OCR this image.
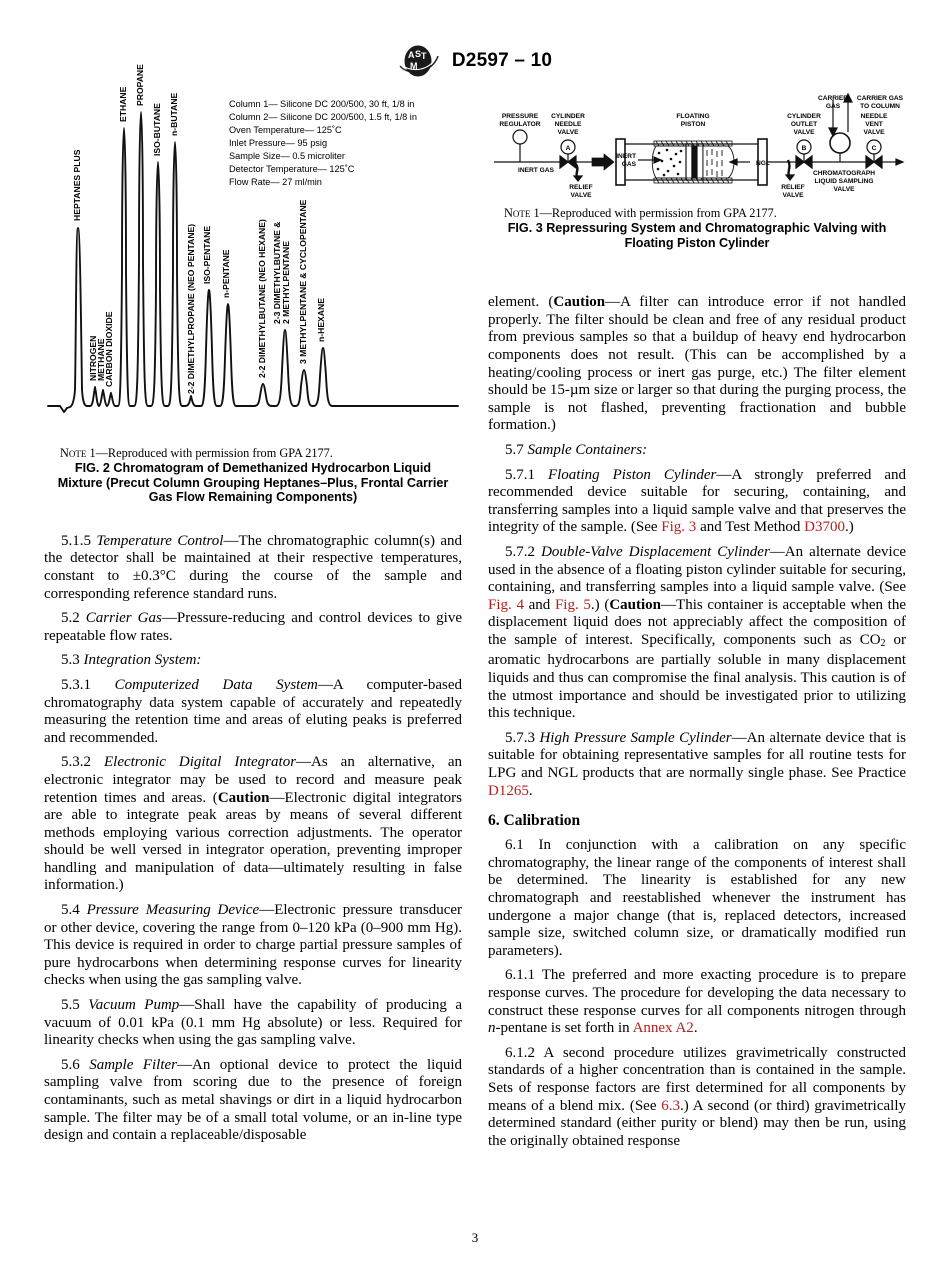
A S T
M D2597 – 10
Column 1— Silicone DC 200/500, 30 ft, 1/8 in
Column 2— Silicone DC 200/500, 1.5 ft, 1/8 in
Oven Temperature— 125˚C
Inlet Pressure— 95 psig
Sample Size— 0.5 microliter
Detector Temperature— 125˚C
Flow Rate— 27 ml/min
HEPTANES PLUS
NITROGEN
METHANE
CARBON DIOXIDE
ETHANE PROPANE
ISO-BUTANE n-BUTANE
2-2 DIMETHYLPROPANE (NEO PENTANE) ISO-PENTANE n-PENTANE	2-2 DIMETHYLBUTANE (NEO HEXANE) 2-3 DIMETHYLBUTANE & 2 METHYLPENTANE 3 METHYLPENTANE & CYCLOPENTANE n-HEXANE

Note 1—Reproduced with permission from GPA 2177.

FIG. 2 Chromatogram of Demethanized Hydrocarbon Liquid Mixture (Precut Column Grouping Heptanes–Plus, Frontal Carrier Gas Flow Remaining Components)

5.1.5 Temperature Control—The chromatographic column(s) and the detector shall be maintained at their respective temperatures, constant to ±0.3°C during the course of the sample and corresponding reference standard runs.

5.2 Carrier Gas—Pressure-reducing and control devices to give repeatable flow rates.

5.3 Integration System:

5.3.1 Computerized Data System—A computer-based chromatography data system capable of accurately and repeatedly measuring the retention time and areas of eluting peaks is preferred and recommended.

5.3.2 Electronic Digital Integrator—As an alternative, an electronic integrator may be used to record and measure peak retention times and areas. (Caution—Electronic digital integrators are able to integrate peak areas by means of several different methods employing various correction adjustments. The operator should be well versed in integrator operation, preventing improper handling and manipulation of data—ultimately resulting in false information.)

5.4 Pressure Measuring Device—Electronic pressure transducer or other device, covering the range from 0–120 kPa (0–900 mm Hg). This device is required in order to charge partial pressure samples of pure hydrocarbons when determining response curves for linearity checks when using the gas sampling valve.

5.5 Vacuum Pump—Shall have the capability of producing a vacuum of 0.01 kPa (0.1 mm Hg absolute) or less. Required for linearity checks when using the gas sampling valve.

5.6 Sample Filter—An optional device to protect the liquid sampling valve from scoring due to the presence of foreign contaminants, such as metal shavings or dirt in a liquid hydrocarbon sample. The filter may be of a small total volume, or an in-line type design and contain a replaceable/disposable

PRESSURE
REGULATOR
CYLINDER
NEEDLE
VALVE
A
INERT GAS
RELIEF
VALVE
FLOATING
PISTON
INERT
GAS	NGL
CYLINDER
OUTLET
VALVE
B
RELIEF
VALVE
CARRIER
GAS
CHROMATOGRAPH
LIQUID SAMPLING
VALVE
NEEDLE
VENT
VALVE
C
CARRIER GAS
TO COLUMN

Note 1—Reproduced with permission from GPA 2177.

FIG. 3 Repressuring System and Chromatographic Valving with Floating Piston Cylinder

element. (Caution—A filter can introduce error if not handled properly. The filter should be clean and free of any residual product from previous samples so that a buildup of heavy end hydrocarbon components does not result. (This can be accomplished by a heating/cooling process or inert gas purge, etc.) The filter element should be 15-µm size or larger so that during the purging process, the sample is not flashed, preventing fractionation and bubble formation.)

5.7 Sample Containers:

5.7.1 Floating Piston Cylinder—A strongly preferred and recommended device suitable for securing, containing, and transferring samples into a liquid sample valve and that preserves the integrity of the sample. (See Fig. 3 and Test Method D3700.)

5.7.2 Double-Valve Displacement Cylinder—An alternate device used in the absence of a floating piston cylinder suitable for securing, containing, and transferring samples into a liquid sample valve. (See Fig. 4 and Fig. 5.) (Caution—This container is acceptable when the displacement liquid does not appreciably affect the composition of the sample of interest. Specifically, components such as $CO_2$ or aromatic hydrocarbons are partially soluble in many displacement liquids and thus can compromise the final analysis. This caution is of the utmost importance and should be investigated prior to utilizing this technique.

5.7.3 High Pressure Sample Cylinder—An alternate device that is suitable for obtaining representative samples for all routine tests for LPG and NGL products that are normally single phase. See Practice D1265.

6. Calibration

6.1 In conjunction with a calibration on any specific chromatography, the linear range of the components of interest shall be determined. The linearity is established for any new chromatograph and reestablished whenever the instrument has undergone a major change (that is, replaced detectors, increased sample size, switched column size, or dramatically modified run parameters).

6.1.1 The preferred and more exacting procedure is to prepare response curves. The procedure for developing the data necessary to construct these response curves for all components nitrogen through n-pentane is set forth in Annex A2.

6.1.2 A second procedure utilizes gravimetrically constructed standards of a higher concentration than is contained in the sample. Sets of response factors are first determined for all components by means of a blend mix. (See 6.3.) A second (or third) gravimetrically determined standard (either purity or blend) may then be run, using the originally obtained response

3
